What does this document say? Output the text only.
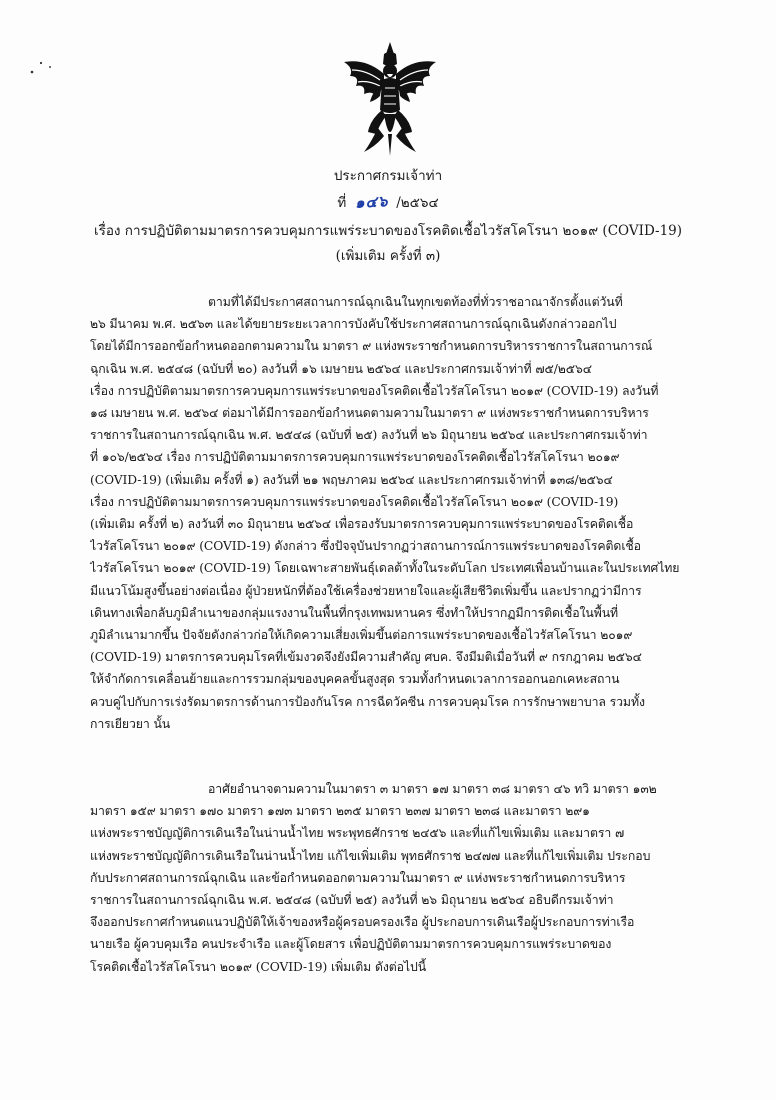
ประกาศกรมเจ้าท่า
ที่ ๑๔๖ /๒๕๖๔
เรื่อง การปฏิบัติตามมาตรการควบคุมการแพร่ระบาดของโรคติดเชื้อไวรัสโคโรนา ๒๐๑๙ (COVID-19)
(เพิ่มเติม ครั้งที่ ๓)
ตามที่ได้มีประกาศสถานการณ์ฉุกเฉินในทุกเขตท้องที่ทั่วราชอาณาจักรตั้งแต่วันที่
๒๖ มีนาคม พ.ศ. ๒๕๖๓ และได้ขยายระยะเวลาการบังคับใช้ประกาศสถานการณ์ฉุกเฉินดังกล่าวออกไป
โดยได้มีการออกข้อกำหนดออกตามความใน มาตรา ๙ แห่งพระราชกำหนดการบริหารราชการในสถานการณ์
ฉุกเฉิน พ.ศ. ๒๕๔๘ (ฉบับที่ ๒๐) ลงวันที่ ๑๖ เมษายน ๒๕๖๔ และประกาศกรมเจ้าท่าที่ ๗๕/๒๕๖๔
เรื่อง การปฏิบัติตามมาตรการควบคุมการแพร่ระบาดของโรคติดเชื้อไวรัสโคโรนา ๒๐๑๙ (COVID-19) ลงวันที่
๑๘ เมษายน พ.ศ. ๒๕๖๔ ต่อมาได้มีการออกข้อกำหนดตามความในมาตรา ๙ แห่งพระราชกำหนดการบริหาร
ราชการในสถานการณ์ฉุกเฉิน พ.ศ. ๒๕๔๘ (ฉบับที่ ๒๕) ลงวันที่ ๒๖ มิถุนายน ๒๕๖๔ และประกาศกรมเจ้าท่า
ที่ ๑๐๖/๒๕๖๔ เรื่อง การปฏิบัติตามมาตรการควบคุมการแพร่ระบาดของโรคติดเชื้อไวรัสโคโรนา ๒๐๑๙
(COVID-19) (เพิ่มเติม ครั้งที่ ๑) ลงวันที่ ๒๑ พฤษภาคม ๒๕๖๔ และประกาศกรมเจ้าท่าที่ ๑๓๘/๒๕๖๔
เรื่อง การปฏิบัติตามมาตรการควบคุมการแพร่ระบาดของโรคติดเชื้อไวรัสโคโรนา ๒๐๑๙ (COVID-19)
(เพิ่มเติม ครั้งที่ ๒) ลงวันที่ ๓๐ มิถุนายน ๒๕๖๔ เพื่อรองรับมาตรการควบคุมการแพร่ระบาดของโรคติดเชื้อ
ไวรัสโคโรนา ๒๐๑๙ (COVID-19) ดังกล่าว ซึ่งปัจจุบันปรากฏว่าสถานการณ์การแพร่ระบาดของโรคติดเชื้อ
ไวรัสโคโรนา ๒๐๑๙ (COVID-19) โดยเฉพาะสายพันธุ์เดลต้าทั้งในระดับโลก ประเทศเพื่อนบ้านและในประเทศไทย
มีแนวโน้มสูงขึ้นอย่างต่อเนื่อง ผู้ป่วยหนักที่ต้องใช้เครื่องช่วยหายใจและผู้เสียชีวิตเพิ่มขึ้น และปรากฏว่ามีการ
เดินทางเพื่อกลับภูมิลำเนาของกลุ่มแรงงานในพื้นที่กรุงเทพมหานคร ซึ่งทำให้ปรากฏมีการติดเชื้อในพื้นที่
ภูมิลำเนามากขึ้น ปัจจัยดังกล่าวก่อให้เกิดความเสี่ยงเพิ่มขึ้นต่อการแพร่ระบาดของเชื้อไวรัสโคโรนา ๒๐๑๙
(COVID-19) มาตรการควบคุมโรคที่เข้มงวดจึงยังมีความสำคัญ ศบค. จึงมีมติเมื่อวันที่ ๙ กรกฎาคม ๒๕๖๔
ให้จำกัดการเคลื่อนย้ายและการรวมกลุ่มของบุคคลขั้นสูงสุด รวมทั้งกำหนดเวลาการออกนอกเคหะสถาน
ควบคู่ไปกับการเร่งรัดมาตรการด้านการป้องกันโรค การฉีดวัคซีน การควบคุมโรค การรักษาพยาบาล รวมทั้ง
การเยียวยา นั้น
อาศัยอำนาจตามความในมาตรา ๓ มาตรา ๑๗ มาตรา ๓๘ มาตรา ๔๖ ทวิ มาตรา ๑๓๒
มาตรา ๑๕๙ มาตรา ๑๗๐ มาตรา ๑๗๓ มาตรา ๒๓๕ มาตรา ๒๓๗ มาตรา ๒๓๘ และมาตรา ๒๙๑
แห่งพระราชบัญญัติการเดินเรือในน่านน้ำไทย พระพุทธศักราช ๒๔๕๖ และที่แก้ไขเพิ่มเติม และมาตรา ๗
แห่งพระราชบัญญัติการเดินเรือในน่านน้ำไทย แก้ไขเพิ่มเติม พุทธศักราช ๒๔๗๗ และที่แก้ไขเพิ่มเติม ประกอบ
กับประกาศสถานการณ์ฉุกเฉิน และข้อกำหนดออกตามความในมาตรา ๙ แห่งพระราชกำหนดการบริหาร
ราชการในสถานการณ์ฉุกเฉิน พ.ศ. ๒๕๔๘ (ฉบับที่ ๒๕) ลงวันที่ ๒๖ มิถุนายน ๒๕๖๔ อธิบดีกรมเจ้าท่า
จึงออกประกาศกำหนดแนวปฏิบัติให้เจ้าของหรือผู้ครอบครองเรือ ผู้ประกอบการเดินเรือผู้ประกอบการท่าเรือ
นายเรือ ผู้ควบคุมเรือ คนประจำเรือ และผู้โดยสาร เพื่อปฏิบัติตามมาตรการควบคุมการแพร่ระบาดของ
โรคติดเชื้อไวรัสโคโรนา ๒๐๑๙ (COVID-19) เพิ่มเติม ดังต่อไปนี้
